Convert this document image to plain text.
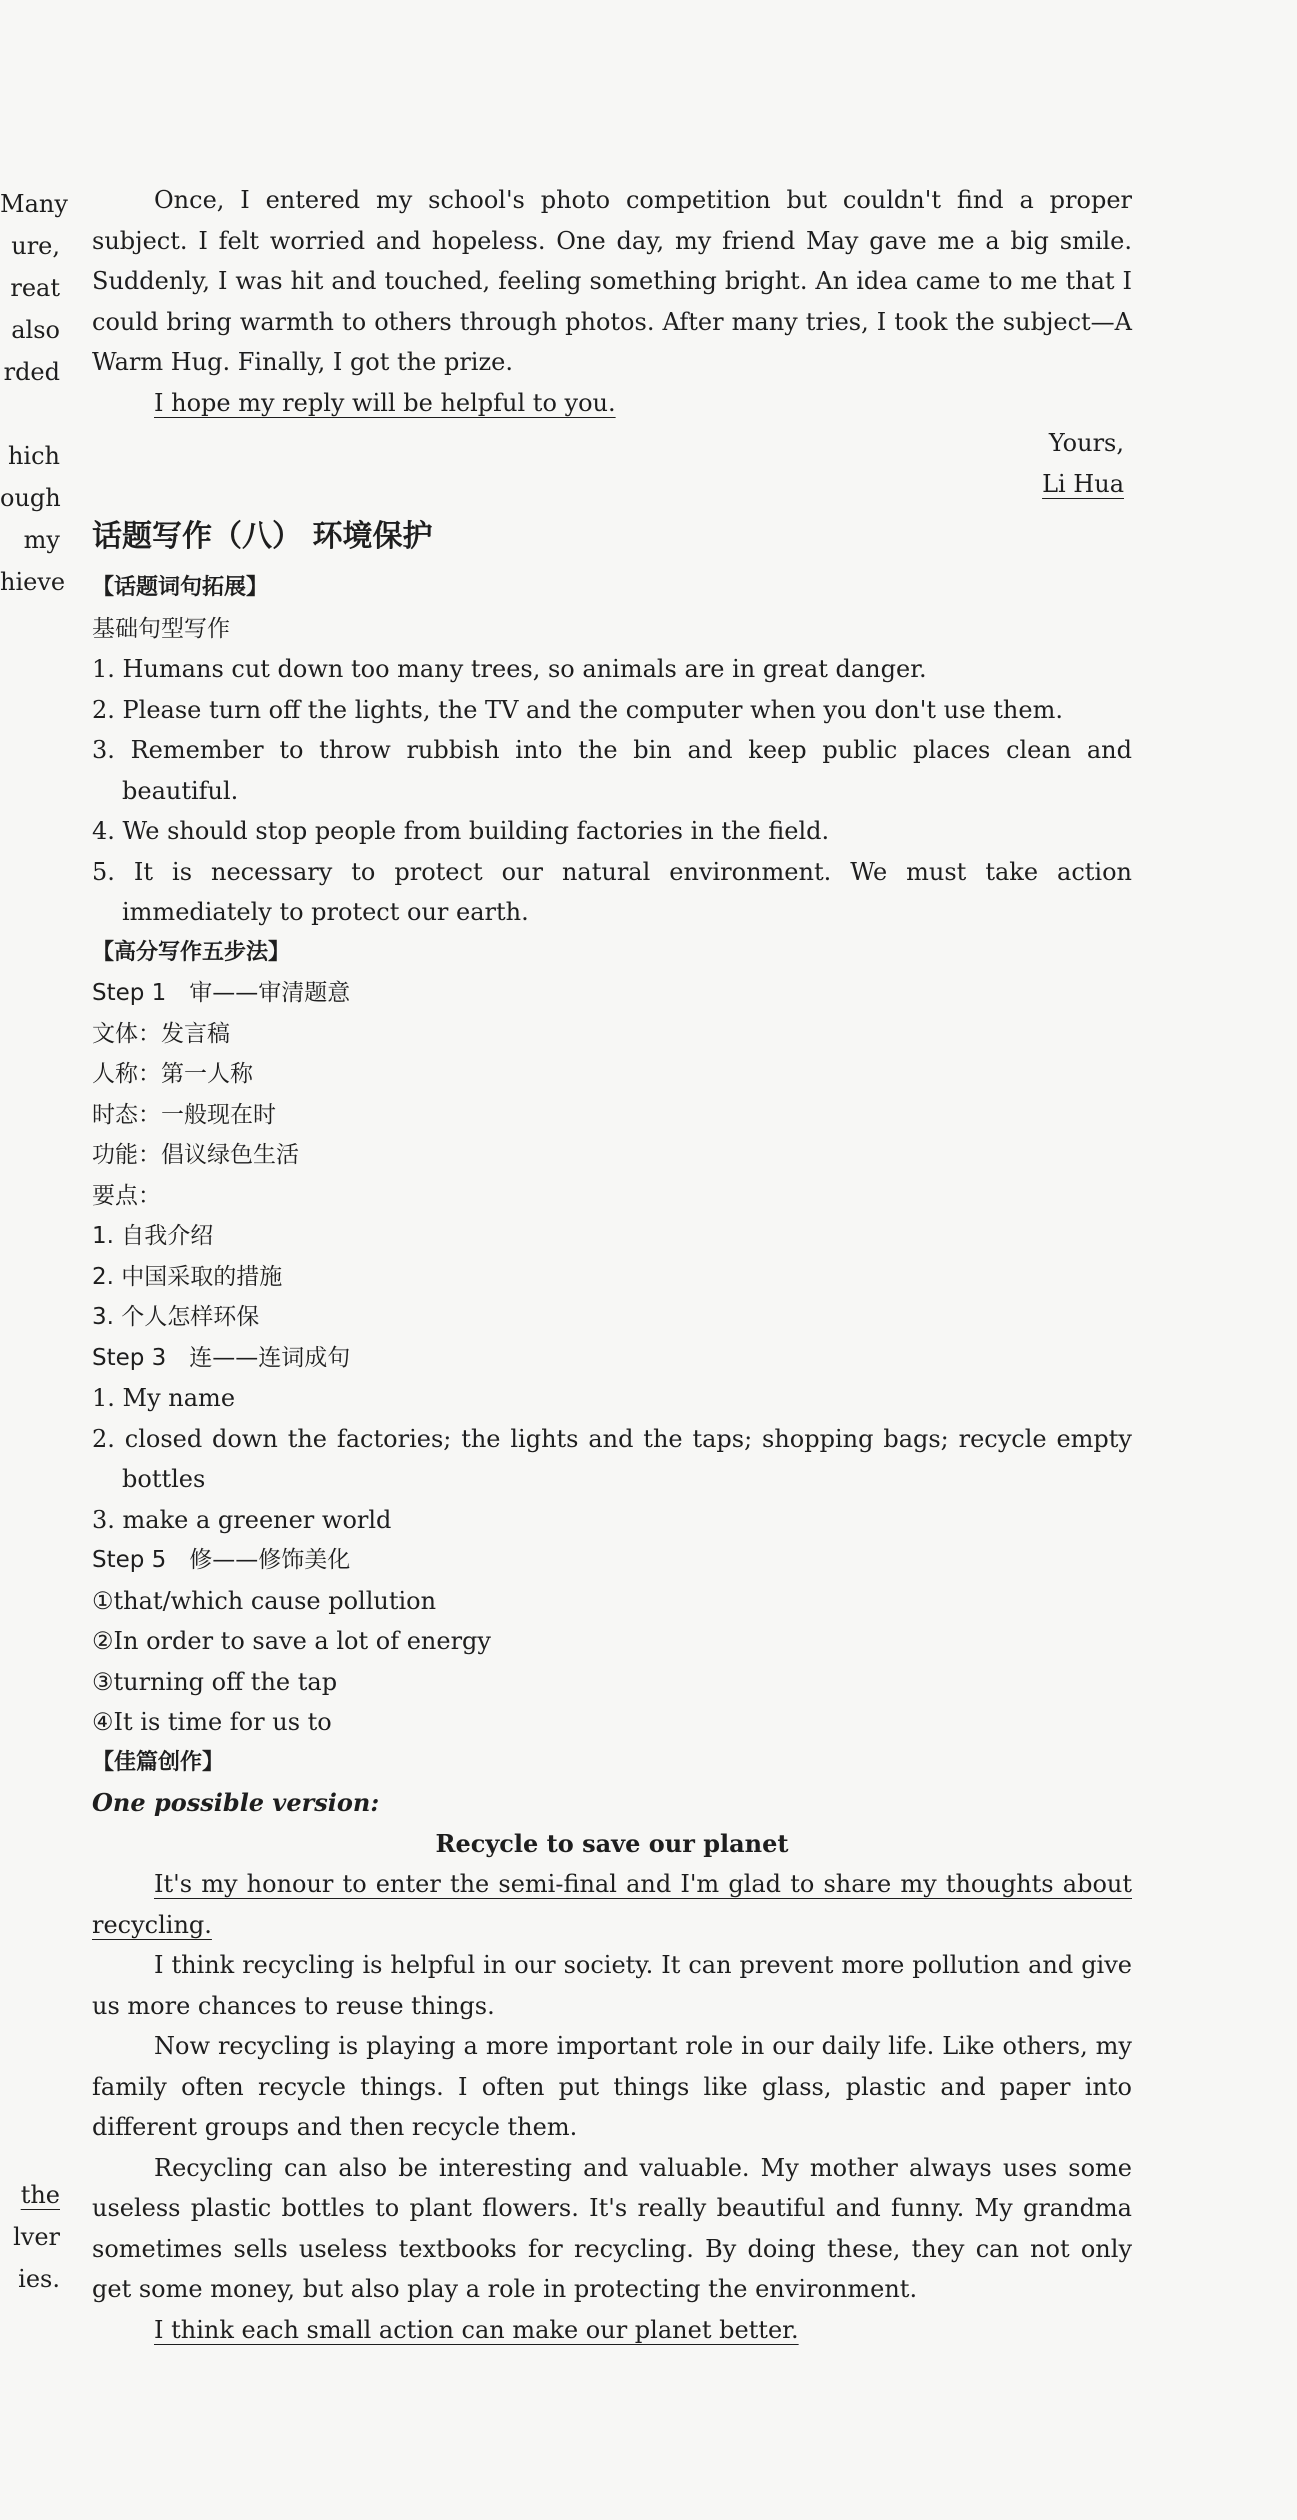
Many
ure,
reat
also
rded

hich
ough
my
hieve
the
lver
ies.

Once, I entered my school's photo competition but couldn't find a proper subject. I felt worried and hopeless. One day, my friend May gave me a big smile. Suddenly, I was hit and touched, feeling something bright. An idea came to me that I could bring warmth to others through photos. After many tries, I took the subject—A Warm Hug. Finally, I got the prize.

I hope my reply will be helpful to you.

Yours,

Li Hua

话题写作（八） 环境保护

【话题词句拓展】

基础句型写作

1. Humans cut down too many trees, so animals are in great danger.

2. Please turn off the lights, the TV and the computer when you don't use them.

3. Remember to throw rubbish into the bin and keep public places clean and beautiful.

4. We should stop people from building factories in the field.

5. It is necessary to protect our natural environment. We must take action immediately to protect our earth.

【高分写作五步法】

Step 1　审——审清题意

文体：发言稿

人称：第一人称

时态：一般现在时

功能：倡议绿色生活

要点：

1. 自我介绍

2. 中国采取的措施

3. 个人怎样环保

Step 3　连——连词成句

1. My name

2. closed down the factories; the lights and the taps; shopping bags; recycle empty bottles

3. make a greener world

Step 5　修——修饰美化

①that/which cause pollution

②In order to save a lot of energy

③turning off the tap

④It is time for us to

【佳篇创作】

One possible version:

Recycle to save our planet

It's my honour to enter the semi-final and I'm glad to share my thoughts about recycling.

I think recycling is helpful in our society. It can prevent more pollution and give us more chances to reuse things.

Now recycling is playing a more important role in our daily life. Like others, my family often recycle things. I often put things like glass, plastic and paper into different groups and then recycle them.

Recycling can also be interesting and valuable. My mother always uses some useless plastic bottles to plant flowers. It's really beautiful and funny. My grandma sometimes sells useless textbooks for recycling. By doing these, they can not only get some money, but also play a role in protecting the environment.

I think each small action can make our planet better.
